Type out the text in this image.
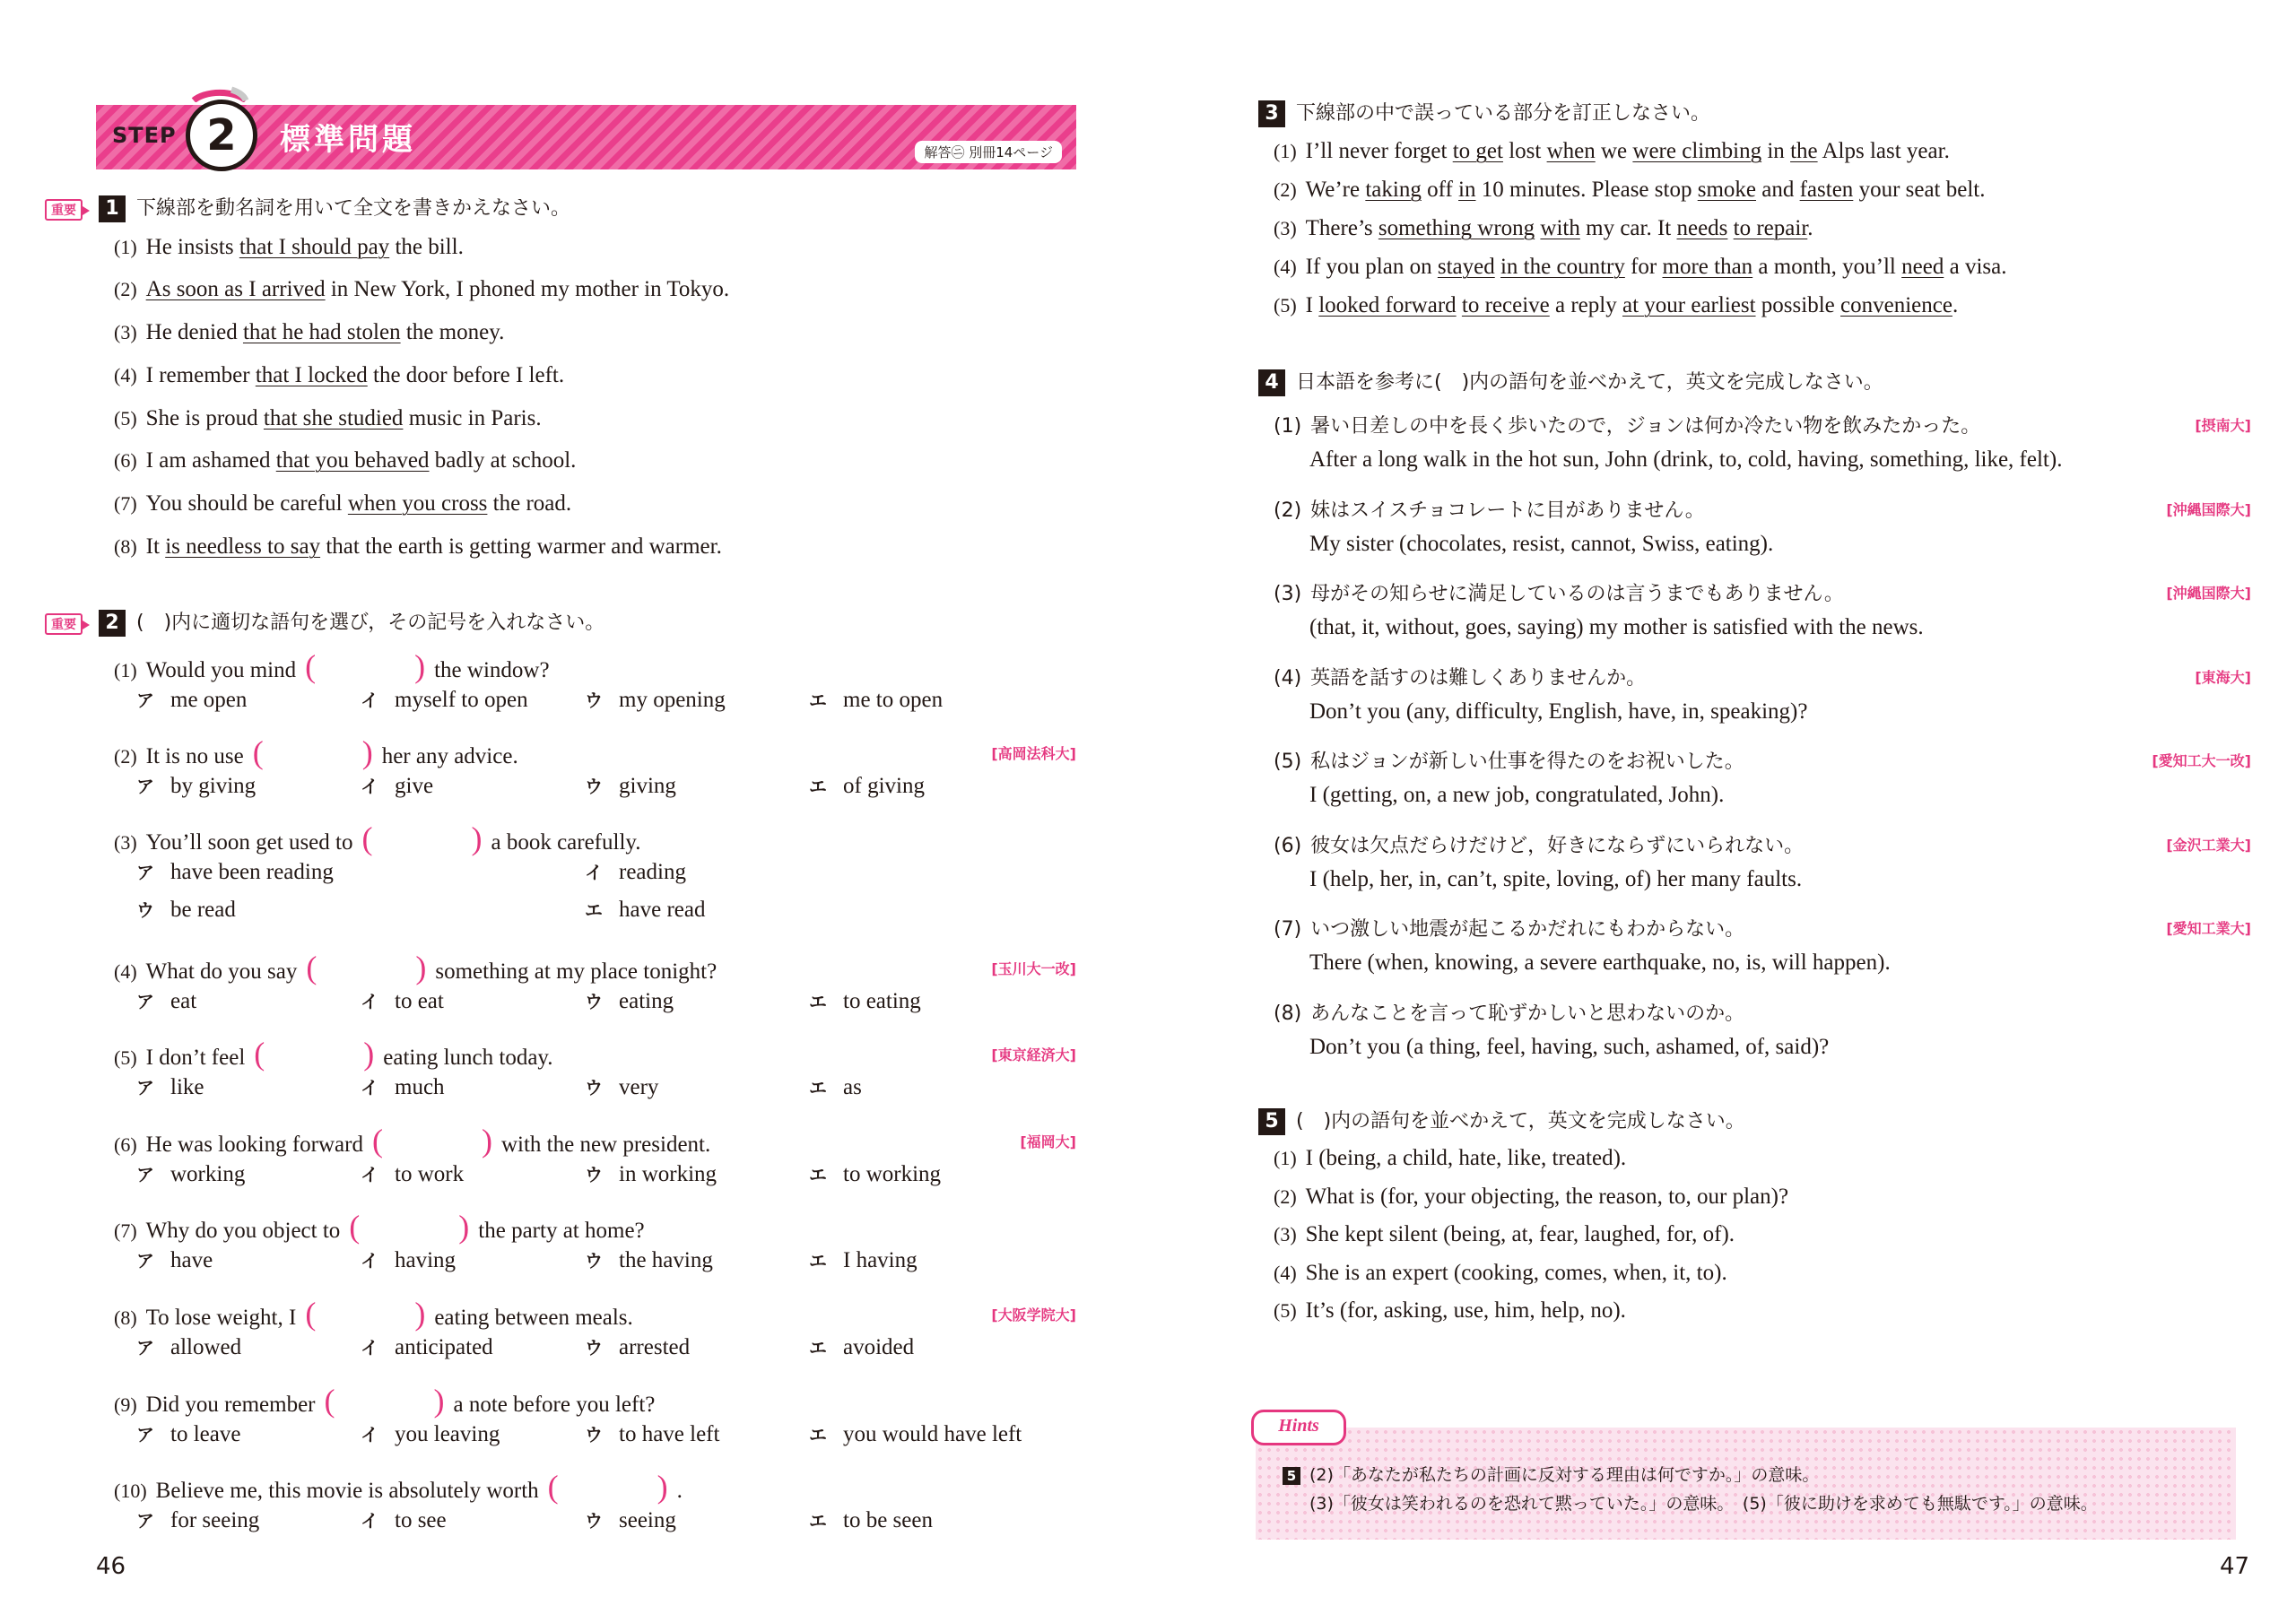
STEP 2	標準問題	解答㋥ 別冊14ページ
重要 1 下線部を動名詞を用いて全文を書きかえなさい。
(1) He insists that I should pay the bill.
(2) As soon as I arrived in New York, I phoned my mother in Tokyo.
(3) He denied that he had stolen the money.
(4) I remember that I locked the door before I left.
(5) She is proud that she studied music in Paris.
(6) I am ashamed that you behaved badly at school.
(7) You should be careful when you cross the road.
(8) It is needless to say that the earth is getting warmer and warmer.
重要 2 (　)内に適切な語句を選び，その記号を入れなさい。
(1) Would you mind (	) the window?
ア me open	イ myself to open	ウ my opening	エ me to open
(2) It is no use (	) her any advice.	[高岡法科大]
ア by giving	イ give	ウ giving	エ of giving
(3) You’ll soon get used to (	) a book carefully.
ア have been reading	イ reading
ウ be read	エ have read
(4) What do you say (	) something at my place tonight?	[玉川大一改]
ア eat	イ to eat	ウ eating	エ to eating
(5) I don’t feel (	) eating lunch today.	[東京経済大]
ア like	イ much	ウ very	エ as
(6) He was looking forward (	) with the new president.	[福岡大]
ア working	イ to work	ウ in working	エ to working
(7) Why do you object to (	) the party at home?
ア have	イ having	ウ the having	エ I having
(8) To lose weight, I (	) eating between meals.	[大阪学院大]
ア allowed	イ anticipated	ウ arrested	エ avoided
(9) Did you remember (	) a note before you left?
ア to leave	イ you leaving	ウ to have left	エ you would have left
(10) Believe me, this movie is absolutely worth (	) .
ア for seeing	イ to see	ウ seeing	エ to be seen
46
3 下線部の中で誤っている部分を訂正しなさい。
(1) I’ll never forget to get lost when we were climbing in the Alps last year.
(2) We’re taking off in 10 minutes. Please stop smoke and fasten your seat belt.
(3) There’s something wrong with my car. It needs to repair.
(4) If you plan on stayed in the country for more than a month, you’ll need a visa.
(5) I looked forward to receive a reply at your earliest possible convenience.
4 日本語を参考に(　)内の語句を並べかえて，英文を完成しなさい。
(1) 暑い日差しの中を長く歩いたので，ジョンは何か冷たい物を飲みたかった。	[摂南大]
After a long walk in the hot sun, John (drink, to, cold, having, something, like, felt).
(2) 妹はスイスチョコレートに目がありません。	[沖縄国際大]
My sister (chocolates, resist, cannot, Swiss, eating).
(3) 母がその知らせに満足しているのは言うまでもありません。	[沖縄国際大]
(that, it, without, goes, saying) my mother is satisfied with the news.
(4) 英語を話すのは難しくありませんか。	[東海大]
Don’t you (any, difficulty, English, have, in, speaking)?
(5) 私はジョンが新しい仕事を得たのをお祝いした。	[愛知工大一改]
I (getting, on, a new job, congratulated, John).
(6) 彼女は欠点だらけだけど，好きにならずにいられない。	[金沢工業大]
I (help, her, in, can’t, spite, loving, of) her many faults.
(7) いつ激しい地震が起こるかだれにもわからない。	[愛知工業大]
There (when, knowing, a severe earthquake, no, is, will happen).
(8) あんなことを言って恥ずかしいと思わないのか。
Don’t you (a thing, feel, having, such, ashamed, of, said)?
5 (　)内の語句を並べかえて，英文を完成しなさい。
(1) I (being, a child, hate, like, treated).
(2) What is (for, your objecting, the reason, to, our plan)?
(3) She kept silent (being, at, fear, laughed, for, of).
(4) She is an expert (cooking, comes, when, it, to).
(5) It’s (for, asking, use, him, help, no).
47
5 (2)「あなたが私たちの計画に反対する理由は何ですか。」の意味。
(3)「彼女は笑われるのを恐れて黙っていた。」の意味。　(5)「彼に助けを求めても無駄です。」の意味。
Hints
